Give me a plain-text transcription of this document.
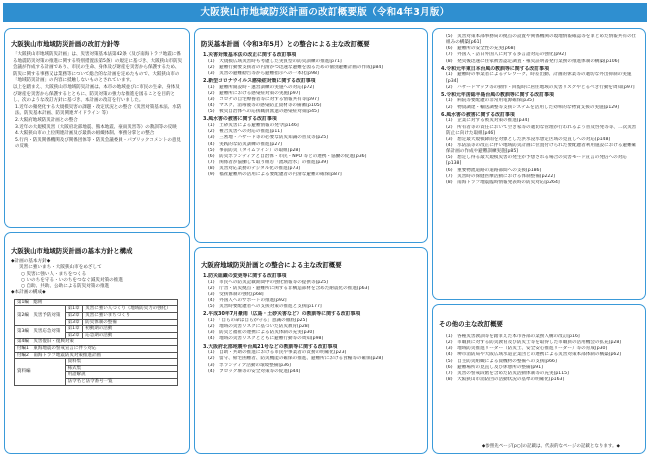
大阪狭山市地域防災計画の改訂概要版（令和4年3月版）
大阪狭山市地域防災計画の改訂方針等
「大阪狭山市地域防災計画」は、災害対策基本法第42条（及び南海トラフ地震に係る地震防災対策の推進に関する特別措置法第5条）の規定に基づき、大阪狭山市防災会議が作成する計画であり、市民の生命、身体及び財産を災害から保護するため、防災に関する事務又は業務等について総合的な計画を定めたもので、大阪狭山市の「地域防災計画」の内容に抵触しないものとされています。
以上を踏まえ、大阪狭山市地域防災計画は、本市の地域並びに市民の生命、身体及び財産を災害から保護するとともに、防災対策の強力な推進を図ることを目的とし、次のような改訂方針に基づき、本計画の改訂を行いました。
1.近年の頻発化する大規模災害の課題・改定状況との整合（災害対策基本法、水防法、防災基本計画、防災関連ガイドライン 等）
2.大阪府地域防災計画との整合
3.近年の大規模災害（大阪府北部地震、熊本地震、豪雨災害等）の教訓等の反映
4.大阪狭山市の上位関連計画及び最新の組織体制、事務分掌との整合
5.行内・防災関係機関及び関係団体等・防災会議委員・パブリックコメントの意見の反映
大阪狭山市地域防災計画の基本方針と構成
◆計画の基本方針◆
災害に強いまち・大阪狭山市をめざして
○ 災害に強い人・まちをつくる
○ いのちを守る・いのちをつなぐ減災対策の推進
○ 自助、共助、公助による防災対策の推進
◆本計画の構成◆
第1編　総則		
第2編　災害予防対策	第1章	災害に強い人づくり（地域防災力の強化）
	第2章	災害に強いまちづくり
	第3章	防災体制の整備
第3編　災害応急対策	第1章	初動期の活動
	第2章	応急期の活動
第4編　災害復旧・復興対策		
付編1　東海地震の警戒宣言に伴う対応		
付編2　南海トラフ地震防災対策推進計画		
資料編	資料集	
	様式集	
	用語解説	
	法令名と法令番号一覧	
防災基本計画（令和3年5月）との整合による主な改訂概要
1.災害対策基本法の改正に関する改訂事項
(1)　大規模広域災害時も考慮した実質型の防災訓練の推進[p71]
(2)　避難行動要支援者の円滑かつ迅速な避難を図るための個別避難計画の作成[p84]
(3)　災害の避難勧告等から避難指示への一本化[p98]
2.新型コロナウイルス感染症対策に関する改訂事項
(1)　避難所開設時・運営訓練の実施への対応[p72]
(2)　避難所における感染症対策の実施[p97]
(3)　コロナの自宅療養者等に対する情報共有等[p97]
(4)　マスク、消毒液等の感染防止資材等の備蓄[p105]
(5)　被災自治体への応援職員派遣の感染症対策[p45]
3.風水害の被害に関する改訂事項
(1)　土砂災害による避難情報の発令[p146]
(2)　複合災害への対応の推進[p11]
(3)　三密地・ハザード等の必要な防災知識の普及等[p25]
(4)　実践的な防災訓練の推進[p27]
(5)　事前防災（タイムライン）の取組[p28]
(6)　防災ボランティアと自治体・市民・NPO 等との連携・協働の促進[p36]
(7)　関係者が協働して取り組む「流域治水」の推進[p39]
(8)　災害対応業務のデジタル化の推進[p73]
(9)　福祉避難所の活用による要配慮者の円滑な避難の確保[p87]
大阪府地域防災計画との整合による主な改訂概要
1.防災組織の変更等に関する改訂事項
(1)　市民への防災記載期間中の強化情報等の提供等[p25]
(2)　庁舎・防災拠点・避難所に関する非構造部材を含めた耐震化の推進[p63]
(3)　受援体制の強化[p68]
(4)　外国人へのサポートの推進[p92]
(5)　災害時要配慮者への支援対策の推進と支援[p177]
2.平成30年7月豪雨（広島・土砂災害など）の教訓等に関する改訂事項
(1)　「自らの命は自らが守る」意識の徹底[p25]
(2)　地域の災害リスクに基づいた防災教育[p28]
(3)　防災と福祉の連携による防災体制の充実[p30]
(4)　地域の災害リスクとともに避難行動等の周知[p98]
3.大阪府北部地震や台風21号などの教訓等に関する改訂事項
(1)　自助・共助の推進における市民や事業者の責務の明確化[p23]
(2)　留守、帰宅困難者、防災機能の確保の推進、避難所における食糧等の確保[p28]
(3)　ボランティア活動の環境整備[p36]
(4)　ブロック塀等の安全対策等の促進[p44]
(5)　災害対策本部事務局の拠点の設置や関係機関の現地情報確認等をまとめた情報共有の仕組みの構築[p61]
(6)　避難所の安全性の充実[p68]
(7)　外国人・訪日外国人に対する多言語対応の強化[p92]
(8)　発災後迅速に住家被害認定調査・罹災証明書発行業務の推進体制の構築[p106]
4.令和元年東日本台風の教訓等に関する改訂事項
(1)　避難時の事業者によるテレワーク、時差出勤、計画的休業等の適切な外出抑制の実施[p34]
(2)　ハザードマップ等の動作・回覧時に居住地域の災害リスクやとるべき行動を周知[p97]
5.令和元年房総半島台風の教訓等に関する改訂事項
(1)　病院等要配慮の非常用電源確保[p35]
(2)　物資調達・輸送調整等支援システムを活用した効率的な物資支援の実施[p129]
6.風水害の被害に関する改訂事項
(1)　企業に対する被災対策の推進[p34]
(2)　所有者等の責任において空き家等の適切な管理が行われるよう普及啓発等等、二次災害防止に向けた取組[p46]
(3)　想定最大規模降雨を対象とした洪水浸水想定区域の見直しへの対応[p148]
(4)　水防法等の改正に伴い地域防災計画に位置付けられた要配慮者利用施設における避難確保計画の作成や避難訓練実施[p85]
(5)　想定し得る最大規模災害の発生が予想される場合の災害モード宣言の発信への対応[p138]
(6)　重要物流道路の道路部間への支援[p186]
(7)　災害時の保健医療活動における体制整備[p222]
(8)　南海トラフ地震臨時情報発表時の防災対応[p264]
その他の主な改訂概要
(1)　各種災害教訓等を踏まえた本市各部の業務人構の改訂[p16]
(2)　市職員に対する防災教育及び防災士等を取得した市職員の活用機会の拡充[p28]
(3)　地域防災推進リーダー（防災士、安全安心推進リーダー）等の育成[p30]
(4)　堺市消防局や大阪広域水道企業団との連携による災害対策本部体制の構築[p62]
(5)　自主防災組織による資機材の整備への支援[p66]
(6)　避難場所の見直し及び休憩所の整備[p91]
(7)　災害の警戒段階を含めた防災活動体制等の充実[p115]
(8)　大阪狭山市消防団の活動状況の基準の明確化[p163]
◆参照先ページ[p○]の記載は、代表的なページの記載となります。◆
